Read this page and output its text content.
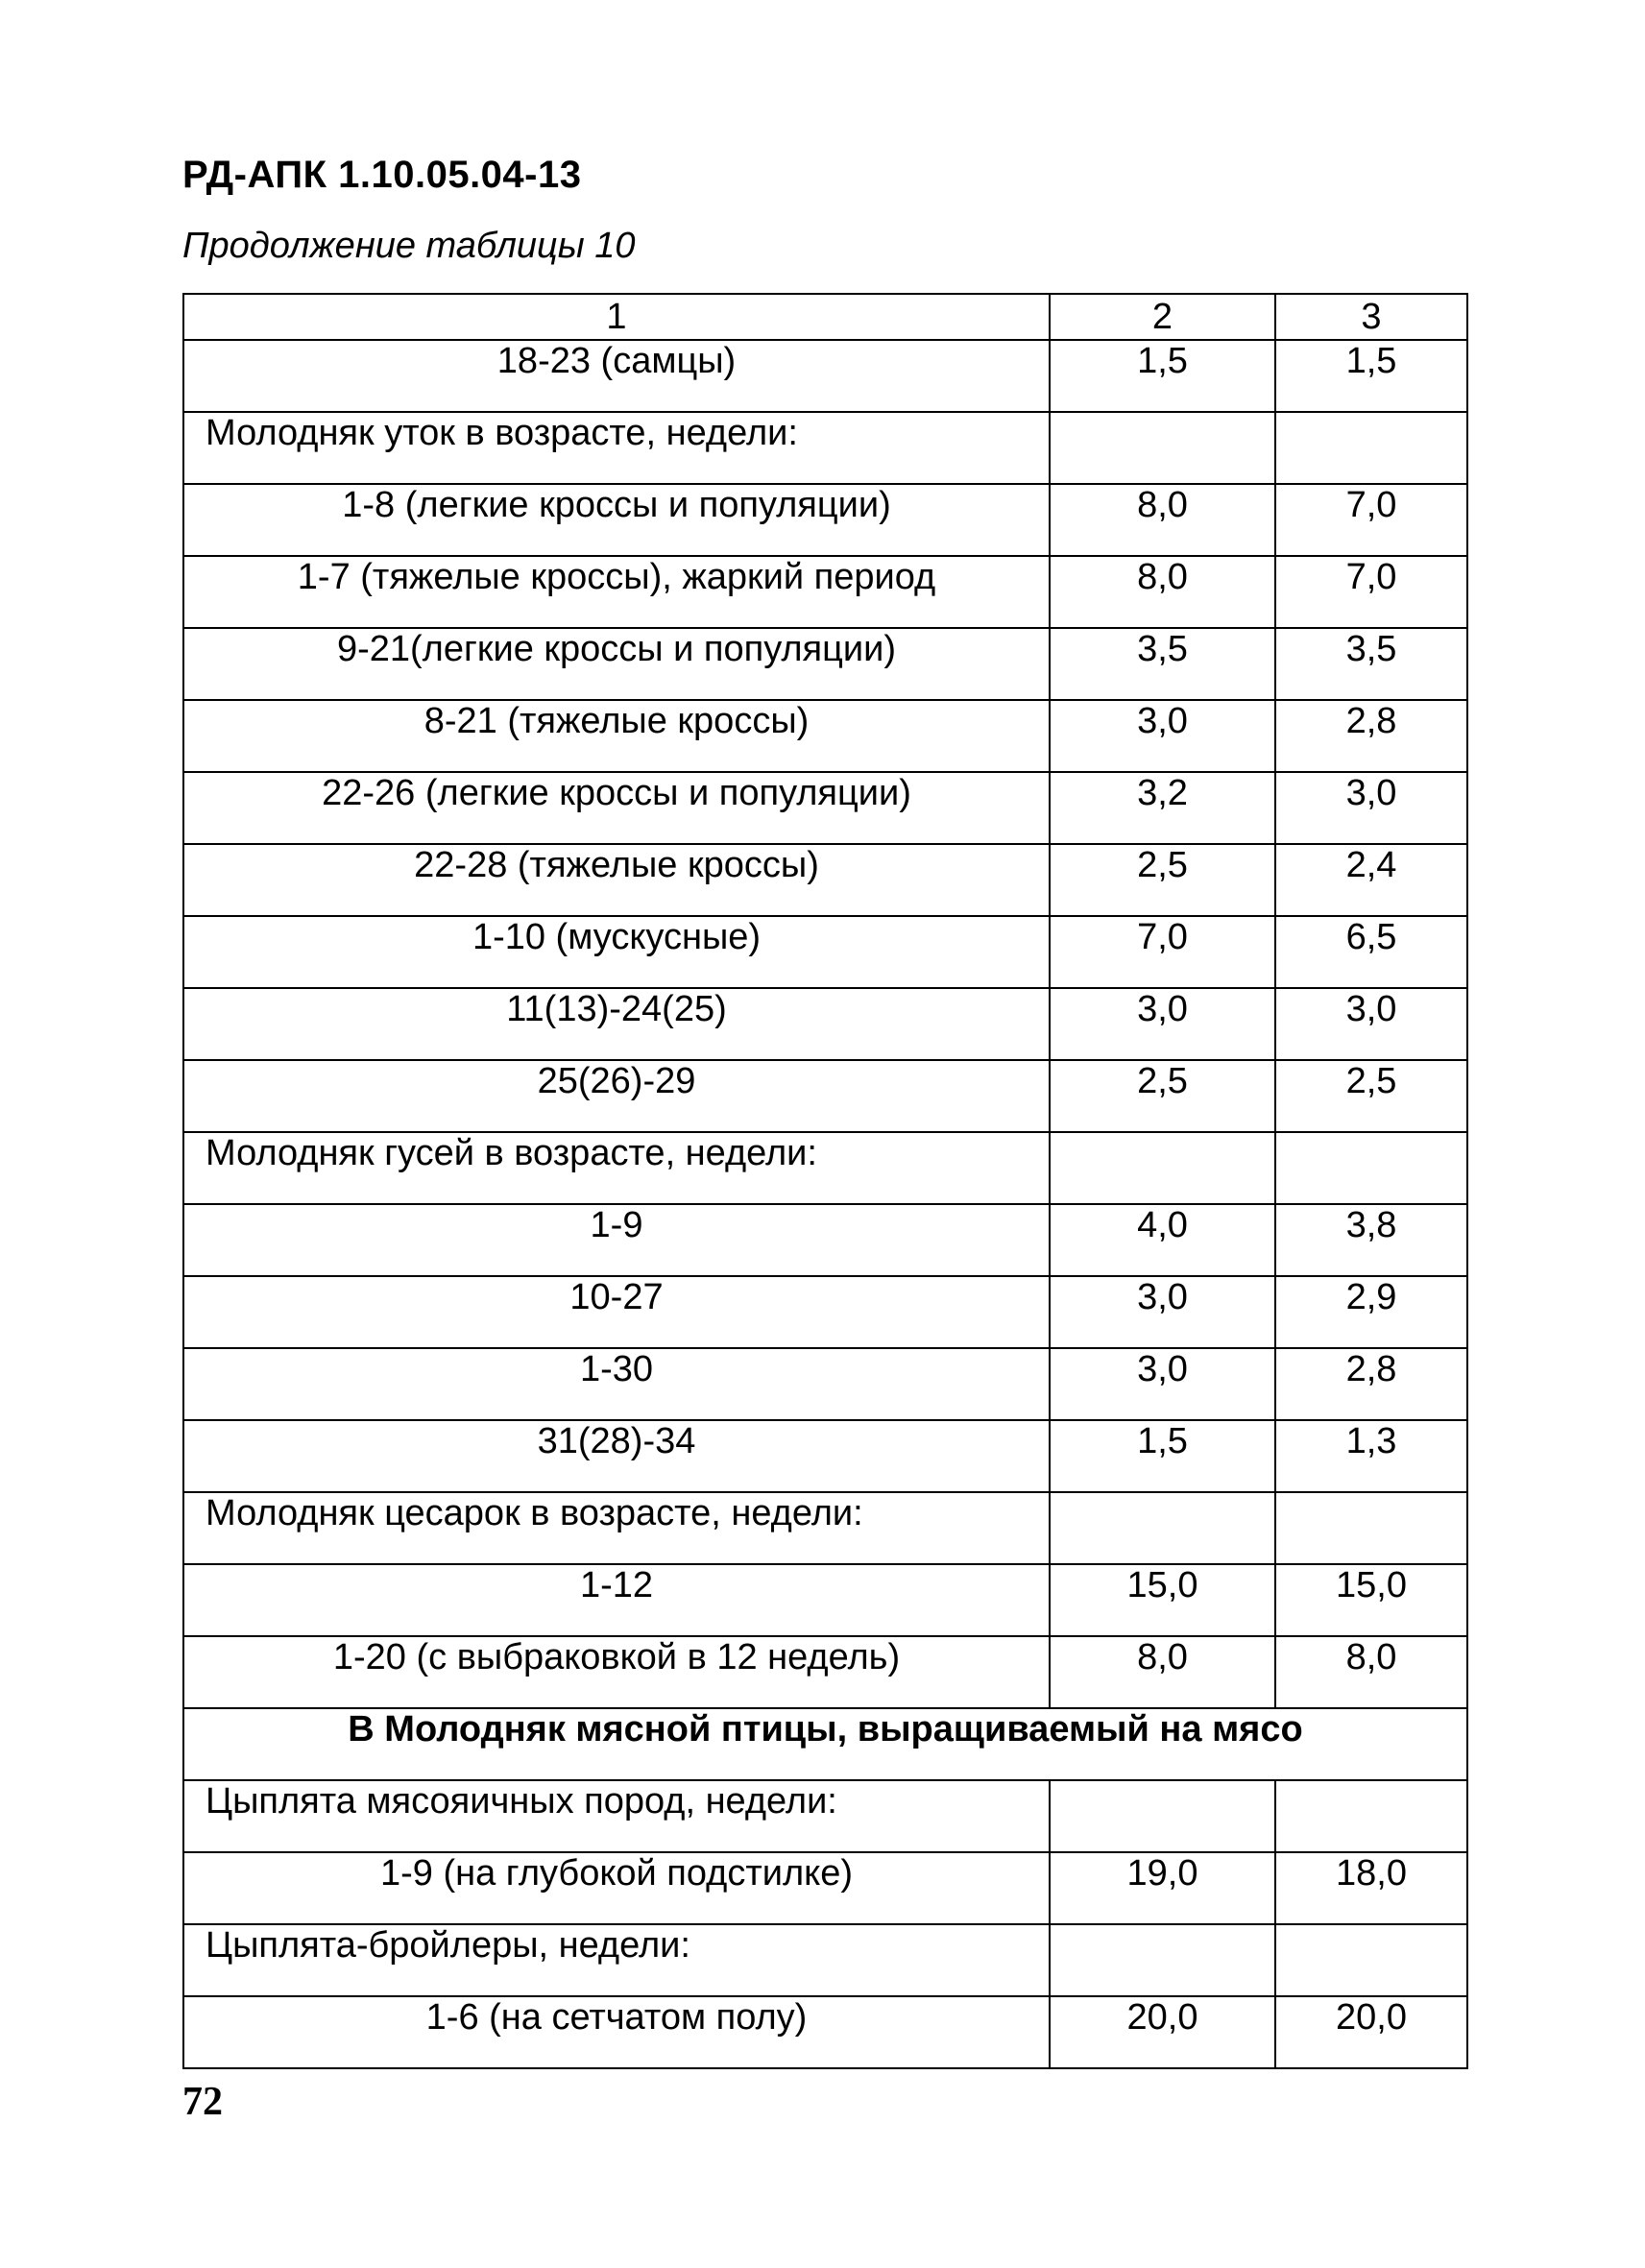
РД-АПК 1.10.05.04-13
Продолжение таблицы 10
1	2	3
18-23 (самцы)	1,5	1,5
Молодняк уток в возрасте, недели:		
1-8 (легкие кроссы и популяции)	8,0	7,0
1-7 (тяжелые кроссы), жаркий период	8,0	7,0
9-21(легкие кроссы и популяции)	3,5	3,5
8-21 (тяжелые кроссы)	3,0	2,8
22-26 (легкие кроссы и популяции)	3,2	3,0
22-28 (тяжелые кроссы)	2,5	2,4
1-10 (мускусные)	7,0	6,5
11(13)-24(25)	3,0	3,0
25(26)-29	2,5	2,5
Молодняк гусей в возрасте, недели:		
1-9	4,0	3,8
10-27	3,0	2,9
1-30	3,0	2,8
31(28)-34	1,5	1,3
Молодняк цесарок в возрасте, недели:		
1-12	15,0	15,0
1-20 (с выбраковкой в 12 недель)	8,0	8,0
В Молодняк мясной птицы, выращиваемый на мясо		
Цыплята мясояичных пород, недели:		
1-9 (на глубокой подстилке)	19,0	18,0
Цыплята-бройлеры, недели:		
1-6 (на сетчатом полу)	20,0	20,0
72
